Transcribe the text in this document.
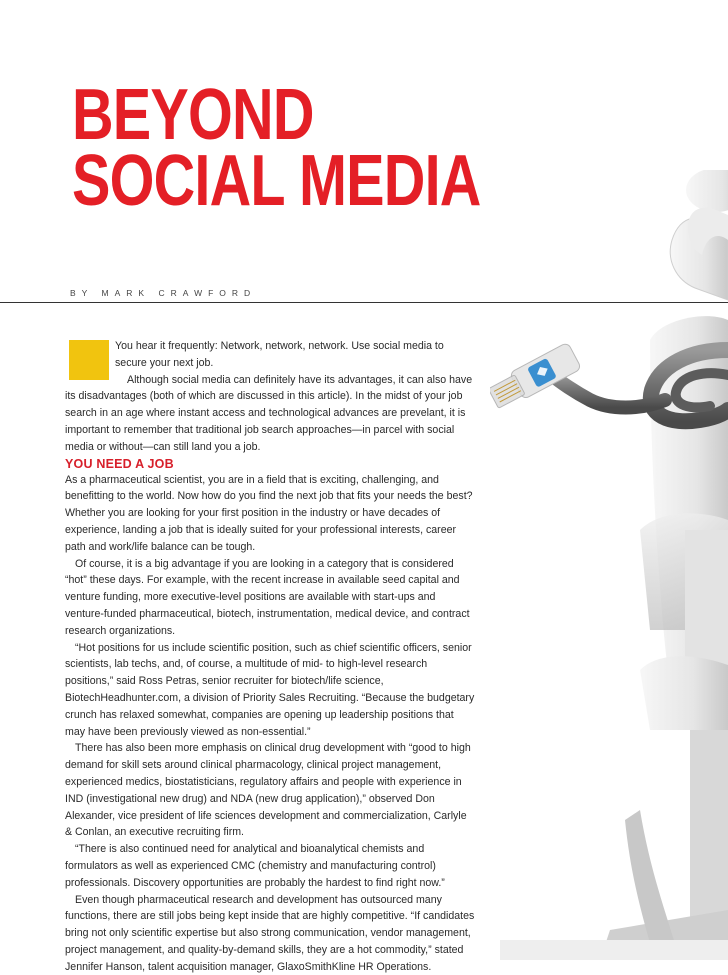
BEYOND
SOCIAL MEDIA
BY MARK CRAWFORD

You hear it frequently: Network, network, network. Use social media to secure your next job.

Although social media can definitely have its advantages, it can also have its disadvantages (both of which are discussed in this article). In the midst of your job search in an age where instant access and technological advances are prevelant, it is important to remember that traditional job search approaches—in parcel with social media or without—can still land you a job.

YOU NEED A JOB

As a pharmaceutical scientist, you are in a field that is exciting, challenging, and benefitting to the world. Now how do you find the next job that fits your needs the best? Whether you are looking for your first position in the industry or have decades of experience, landing a job that is ideally suited for your professional interests, career path and work/life balance can be tough.

Of course, it is a big advantage if you are looking in a category that is considered “hot” these days. For example, with the recent increase in available seed capital and venture funding, more executive-level positions are available with start-ups and venture-funded pharmaceutical, biotech, instrumentation, medical device, and contract research organizations.

“Hot positions for us include scientific position, such as chief scientific officers, senior scientists, lab techs, and, of course, a multitude of mid- to high-level research positions,” said Ross Petras, senior recruiter for biotech/life science, BiotechHeadhunter.com, a division of Priority Sales Recruiting. “Because the budgetary crunch has relaxed somewhat, companies are opening up leadership positions that may have been previously viewed as non-essential.”

There has also been more emphasis on clinical drug development with “good to high demand for skill sets around clinical pharmacology, clinical project management, experienced medics, biostatisticians, regulatory affairs and people with experience in IND (investigational new drug) and NDA (new drug application),” observed Don Alexander, vice president of life sciences development and commercialization, Carlyle & Conlan, an executive recruiting firm.

“There is also continued need for analytical and bioanalytical chemists and formulators as well as experienced CMC (chemistry and manufacturing control) professionals. Discovery opportunities are probably the hardest to find right now.”

Even though pharmaceutical research and development has outsourced many functions, there are still jobs being kept inside that are highly competitive. “If candidates bring not only scientific expertise but also strong communication, vendor management, project management, and quality-by-demand skills, they are a hot commodity,” stated Jennifer Hanson, talent acquisition manager, GlaxoSmithKline HR Operations.
